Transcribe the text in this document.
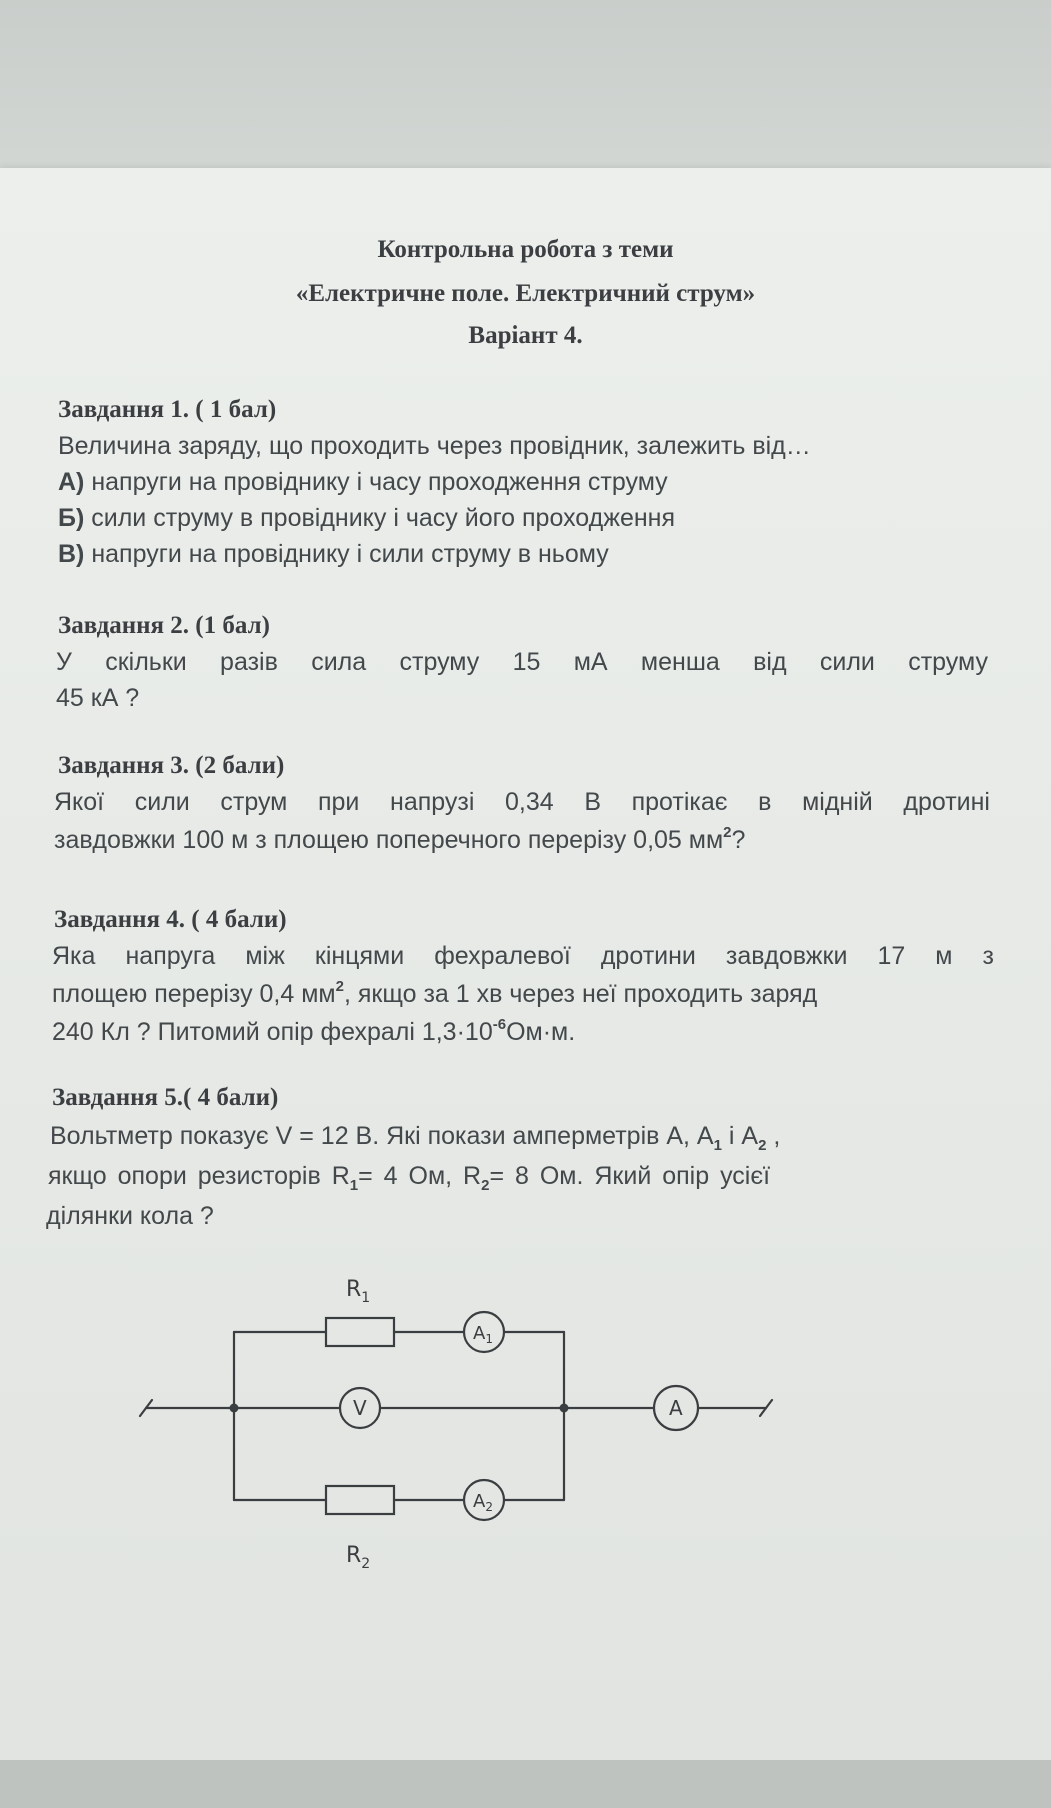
Контрольна робота з теми
«Електричне поле. Електричний струм»
Варіант 4.
Завдання 1. ( 1 бал)
Величина заряду, що проходить через провідник, залежить від…
А) напруги на провіднику і часу проходження струму
Б) сили струму в провіднику і часу його проходження
В) напруги на провіднику і сили струму в ньому
Завдання 2. (1 бал)
У скільки разів сила струму 15 мА менша від сили струму
45 кА ?
Завдання 3. (2 бали)
Якої сили струм при напрузі 0,34 В протікає в мідній дротині
завдовжки 100 м з площею поперечного перерізу 0,05 $мм^2$?
Завдання 4. ( 4 бали)
Яка напруга між кінцями фехралевої дротини завдовжки 17 м з
площею перерізу 0,4 $мм^2$, якщо за 1 хв через неї проходить заряд
240 Кл ? Питомий опір фехралі $1,3\cdot 10^{-6}Ом\cdot м$.
Завдання 5.( 4 бали)
Вольтметр показує V = 12 В. Які покази амперметрів А, $А_1$ і $А_2$ ,
якщо опори резисторів $R_1= 4$ Ом, $R_2= 8$ Ом. Який опір усієї
ділянки кола ?
$R_1$
$R_2$
$A_1$
$A_2$
V	A
